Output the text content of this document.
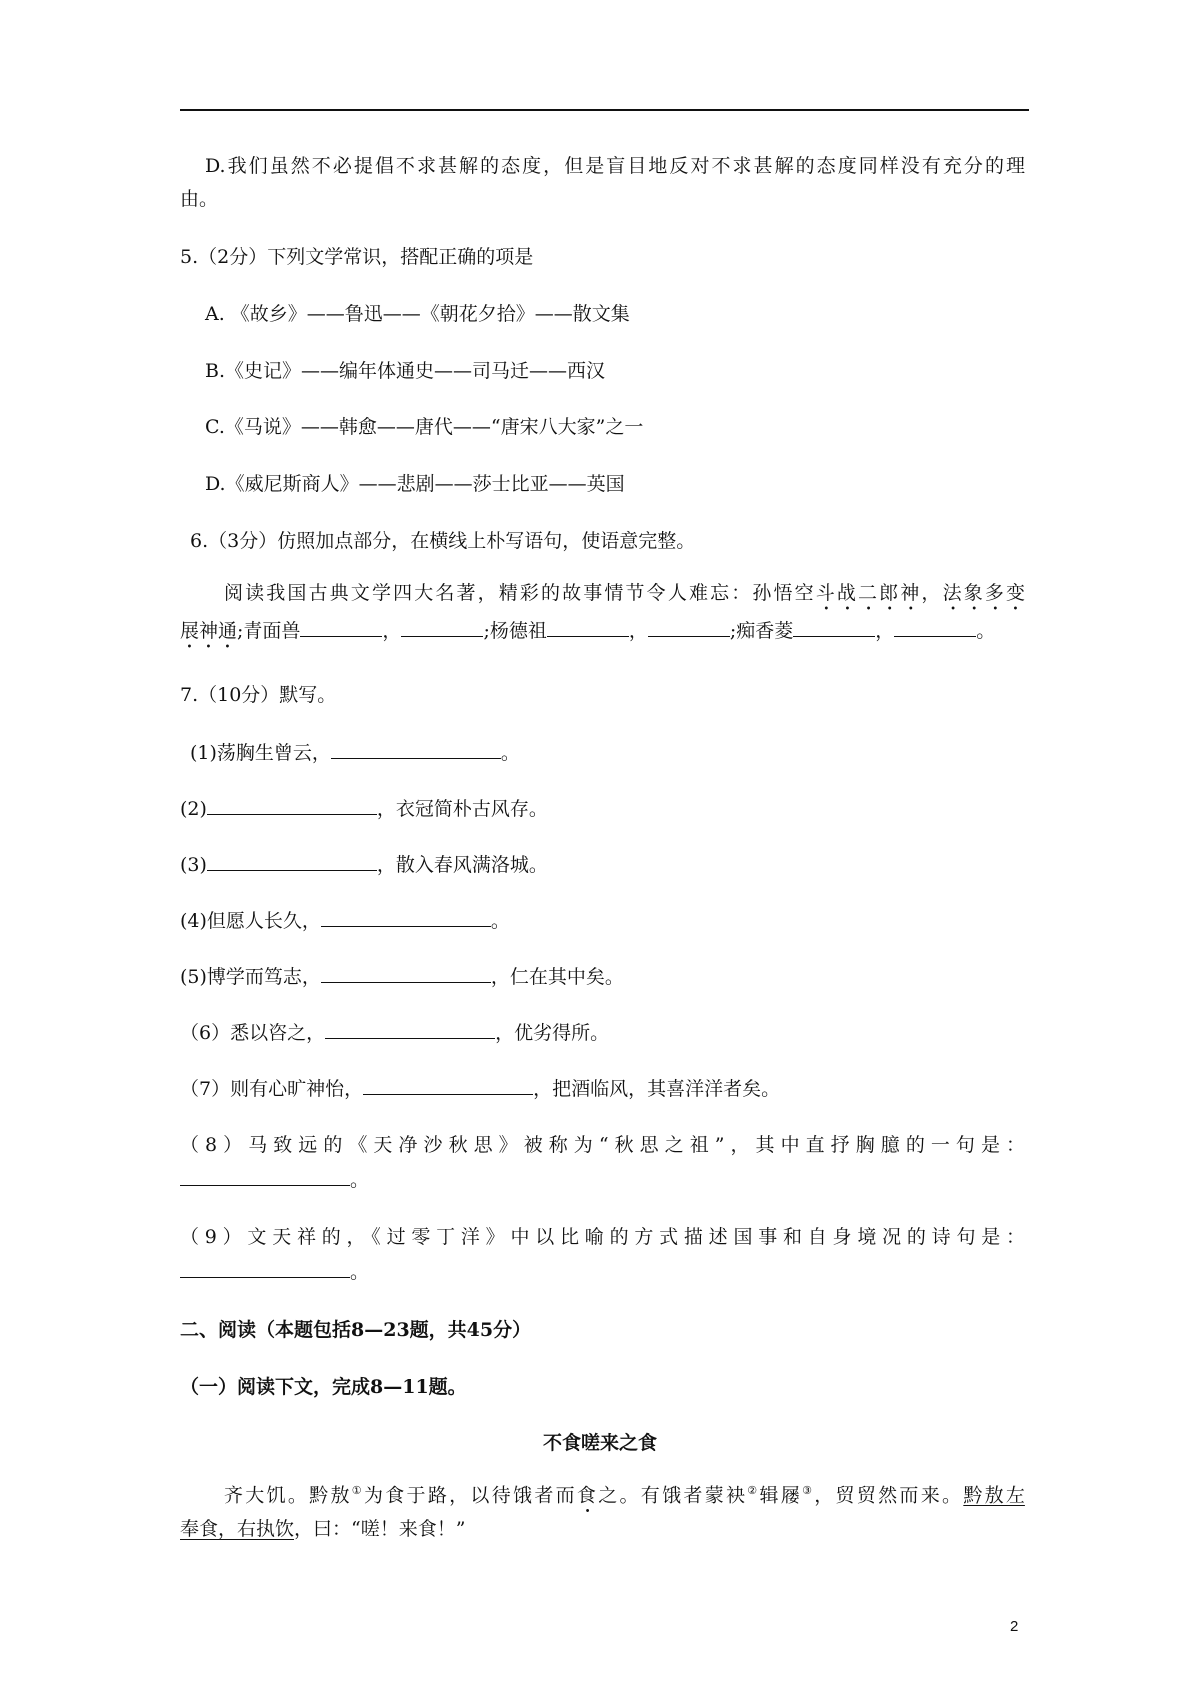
D.我们虽然不必提倡不求甚解的态度，但是盲目地反对不求甚解的态度同样没有充分的理
由。
5.（2分）下列文学常识，搭配正确的项是
A. 《故乡》——鲁迅——《朝花夕拾》——散文集
B.《史记》——编年体通史——司马迁——西汉
C.《马说》——韩愈——唐代——“唐宋八大家”之一
D.《威尼斯商人》——悲剧——莎士比亚——英国
6.（3分）仿照加点部分，在横线上朴写语句，使语意完整。
阅读我国古典文学四大名著，精彩的故事情节令人难忘：孙悟空斗战二郎神，法象多变
展神通;青面兽	，	;杨德祖	，	;痴香菱	，	。
7.（10分）默写。
(1)荡胸生曾云，	。
(2)	，衣冠简朴古风存。
(3)	，散入春风满洛城。
(4)但愿人长久，	。
(5)博学而笃志，	，仁在其中矣。
（6）悉以咨之，	，优劣得所。
（7）则有心旷神怡，	，把酒临风，其喜洋洋者矣。
（8）马致远的《天净沙秋思》被称为“秋思之祖”，其中直抒胸臆的一句是：
。
（9）文天祥的，《过零丁洋》中以比喻的方式描述国事和自身境况的诗句是：
。
二、阅读（本题包括8—23题，共45分）
（一）阅读下文，完成8—11题。
不食嗟来之食
齐大饥。黔敖①为食于路，以待饿者而食之。有饿者蒙袂②辑屦③，贸贸然而来。黔敖左
奉食，右执饮，曰：“嗟！来食！”
2
